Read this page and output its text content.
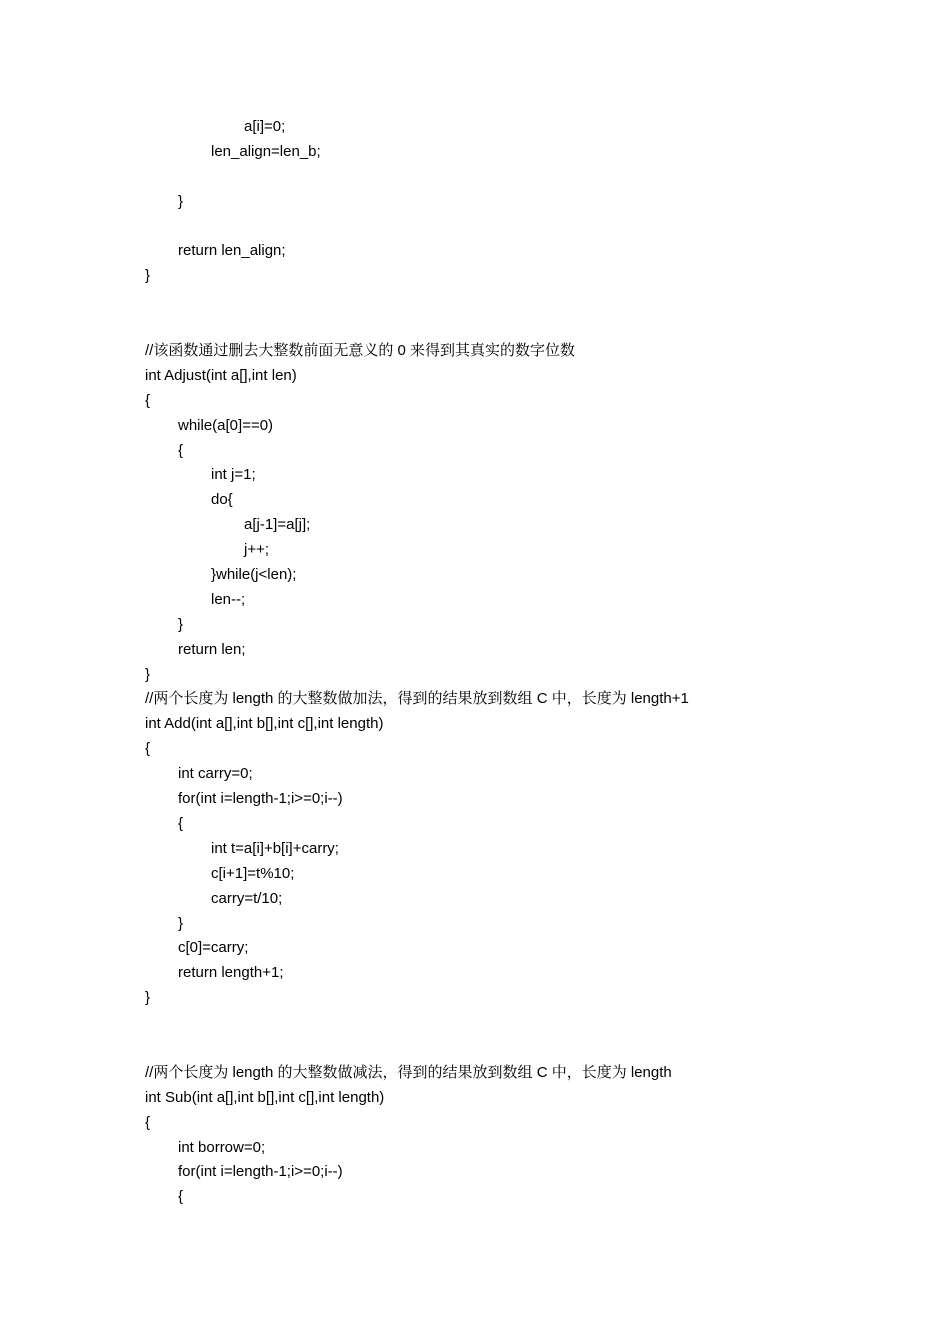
a[i]=0;
len_align=len_b;
}
return len_align;
}
//该函数通过删去大整数前面无意义的 0 来得到其真实的数字位数
int Adjust(int a[],int len)
{
while(a[0]==0)
{
int j=1;
do{
a[j-1]=a[j];
j++;
}while(j<len);
len--;
}
return len;
}
//两个长度为 length 的大整数做加法，得到的结果放到数组 C 中，长度为 length+1
int Add(int a[],int b[],int c[],int length)
{
int carry=0;
for(int i=length-1;i>=0;i--)
{
int t=a[i]+b[i]+carry;
c[i+1]=t%10;
carry=t/10;
}
c[0]=carry;
return length+1;
}
//两个长度为 length 的大整数做减法，得到的结果放到数组 C 中，长度为 length
int Sub(int a[],int b[],int c[],int length)
{
int borrow=0;
for(int i=length-1;i>=0;i--)
{
